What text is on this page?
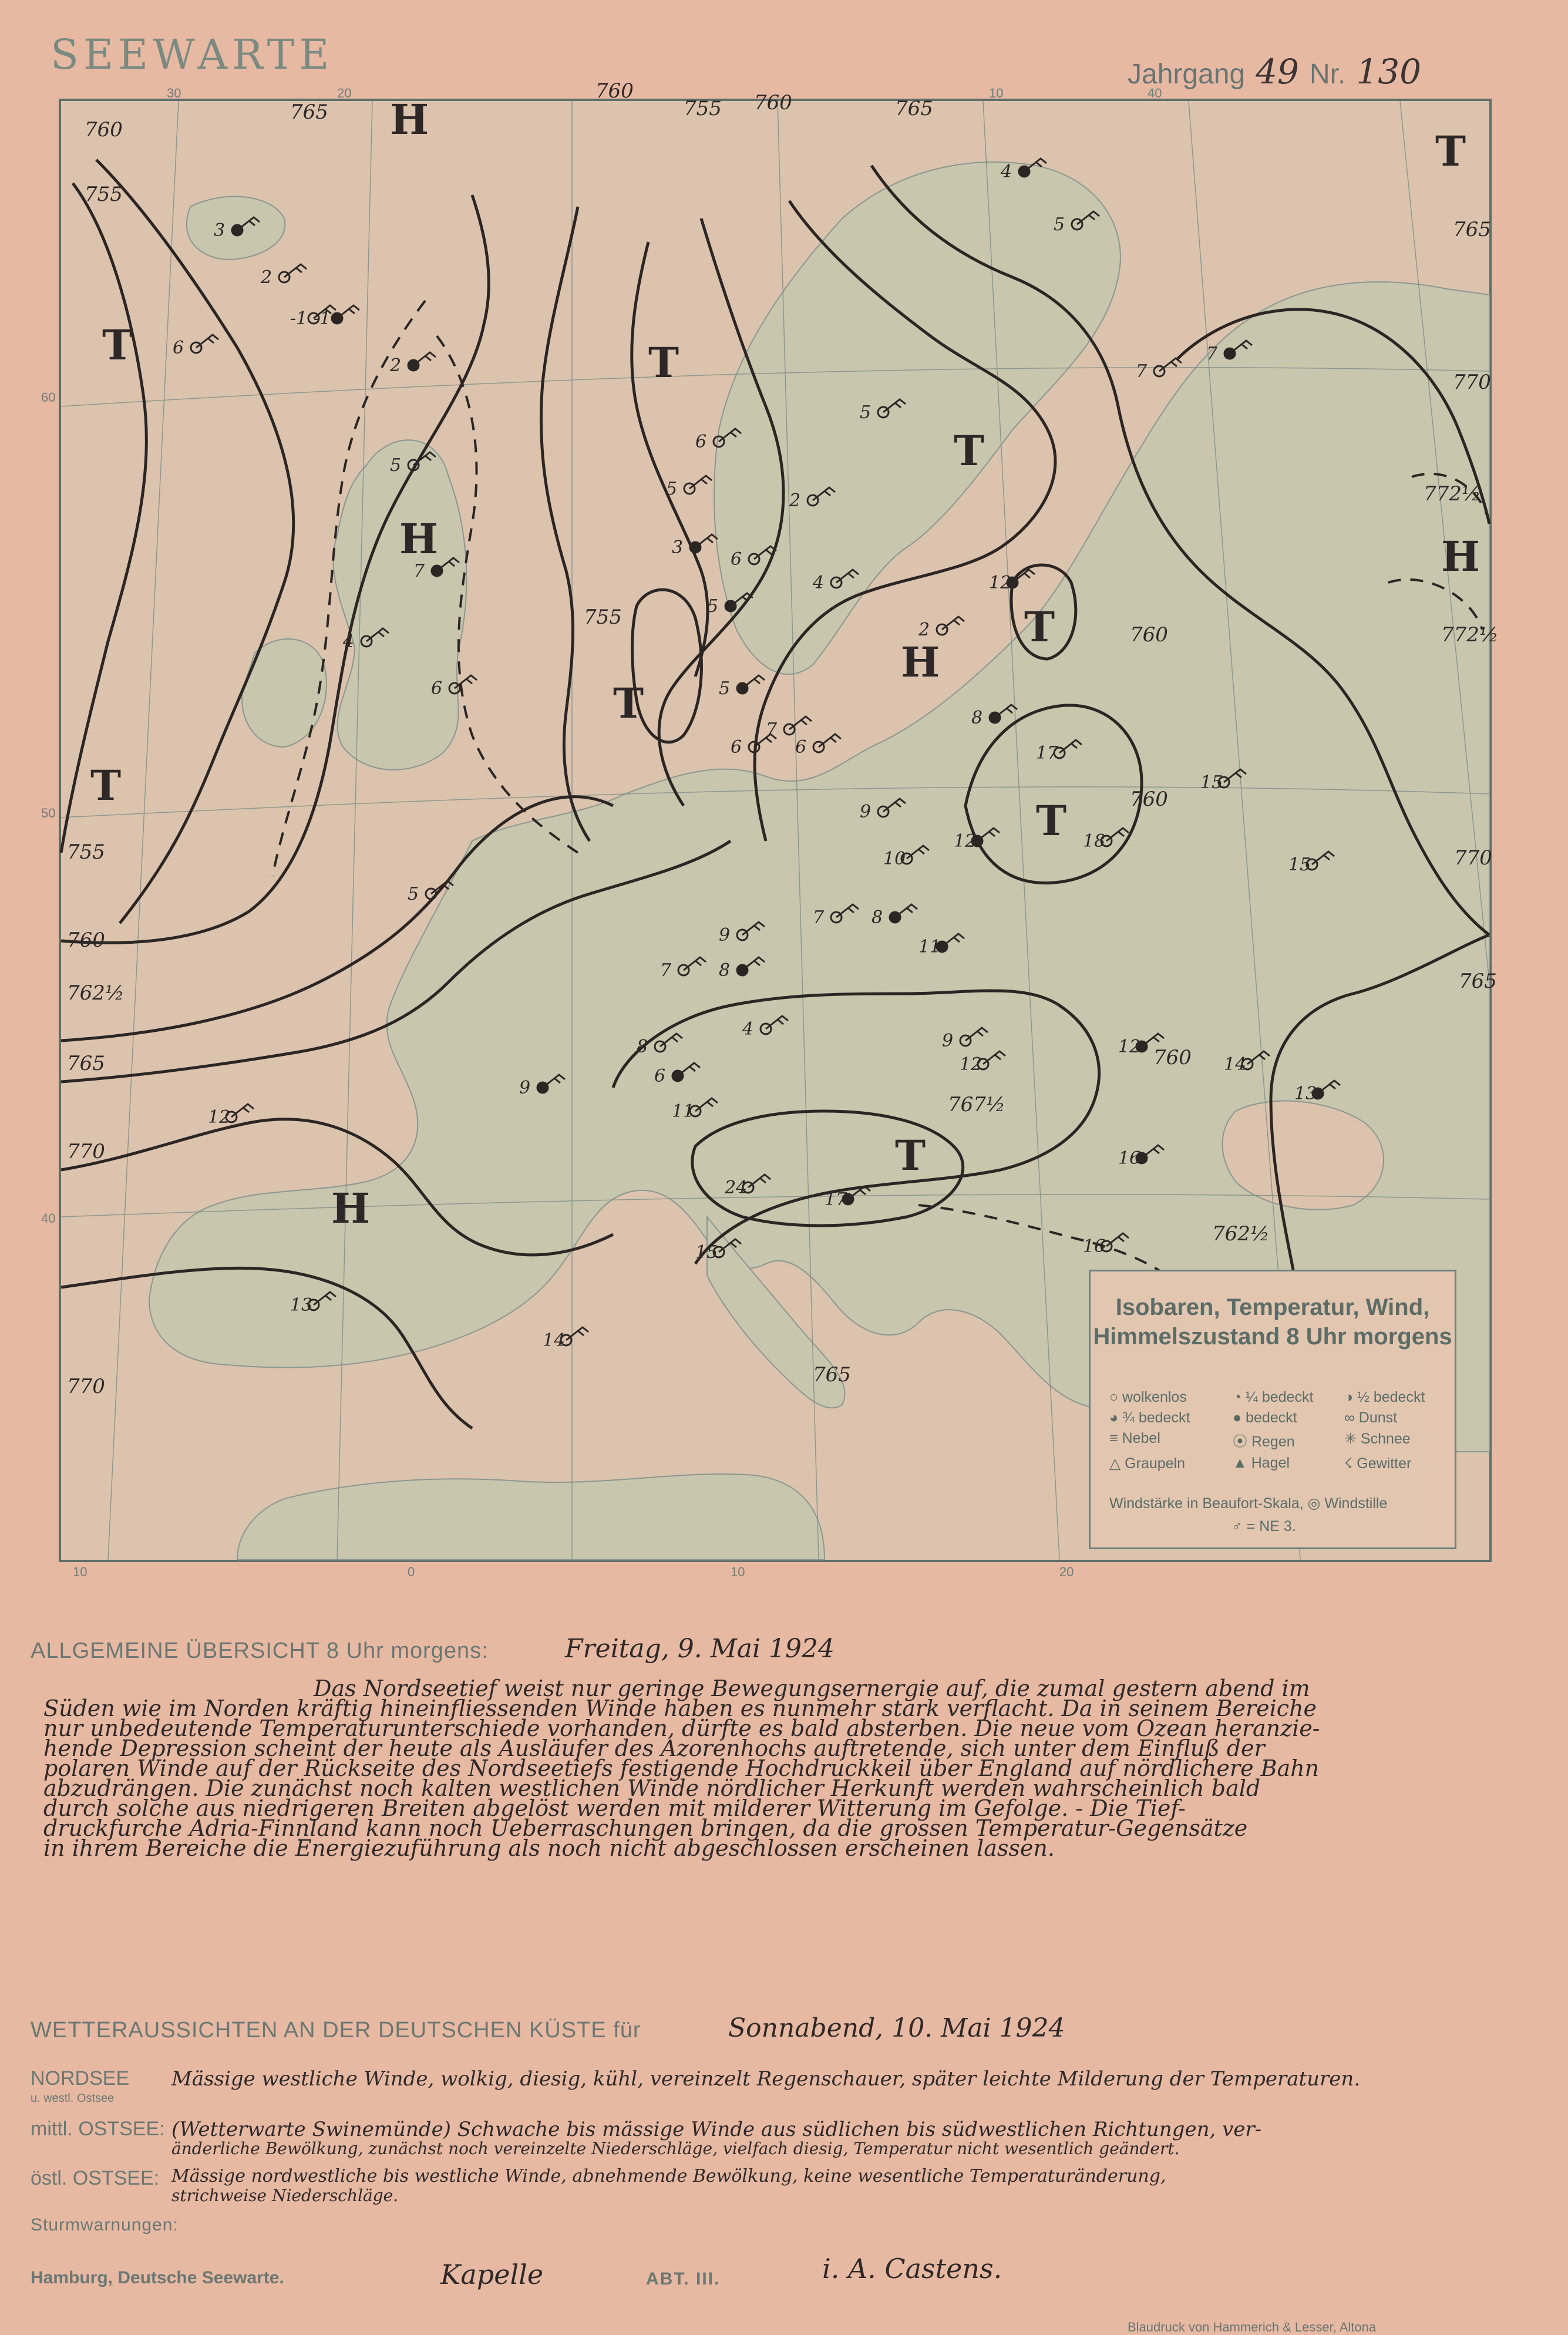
SEEWARTE	Jahrgang 49 Nr. 130
30	20	10	40
10	0	10	20
60
50
40
H
H
H
H
H
T	T
T
T
T
T
T
T
T
760
765
760
755 760	765
755
755
770
765
770
772½
772½
760
760
755
760
762½
765
770
770	765
762½
767½
760
765
3
2
6
-1
-1
5
2
4
2
4
5
7
7
6
5
3
2
6
5
5
4
5
6	6
12
7
15
8
17
18
12
10
9
8
7
9
11
12
9
8
7
4
6
11
16
17
24
15
12
13
14
16
14
15
13
12
8
9
5
6
7
Isobaren, Temperatur, Wind,
Himmelszustand 8 Uhr morgens
○ wolkenlos	◔ ¼ bedeckt	◑ ½ bedeckt
◕ ¾ bedeckt	● bedeckt	∞ Dunst
≡ Nebel	⦿ Regen	✳ Schnee
△ Graupeln	▲ Hagel	☇ Gewitter
Windstärke in Beaufort-Skala, ◎ Windstille
♂ = NE 3.
ALLGEMEINE ÜBERSICHT 8 Uhr morgens:	Freitag, 9. Mai 1924
Das Nordseetief weist nur geringe Bewegungsernergie auf, die zumal gestern abend im
Süden wie im Norden kräftig hineinfliessenden Winde haben es nunmehr stark verflacht. Da in seinem Bereiche
nur unbedeutende Temperaturunterschiede vorhanden, dürfte es bald absterben. Die neue vom Ozean heranzie-
hende Depression scheint der heute als Ausläufer des Azorenhochs auftretende, sich unter dem Einfluß der
polaren Winde auf der Rückseite des Nordseetiefs festigende Hochdruckkeil über England auf nördlichere Bahn
abzudrängen. Die zunächst noch kalten westlichen Winde nördlicher Herkunft werden wahrscheinlich bald
durch solche aus niedrigeren Breiten abgelöst werden mit milderer Witterung im Gefolge. - Die Tief-
druckfurche Adria-Finnland kann noch Ueberraschungen bringen, da die grossen Temperatur-Gegensätze
in ihrem Bereiche die Energiezuführung als noch nicht abgeschlossen erscheinen lassen.
WETTERAUSSICHTEN AN DER DEUTSCHEN KÜSTE für	Sonnabend, 10. Mai 1924
NORDSEE
u. westl. Ostsee
Mässige westliche Winde, wolkig, diesig, kühl, vereinzelt Regenschauer, später leichte Milderung der Temperaturen.
mittl. OSTSEE: (Wetterwarte Swinemünde) Schwache bis mässige Winde aus südlichen bis südwestlichen Richtungen, ver-
änderliche Bewölkung, zunächst noch vereinzelte Niederschläge, vielfach diesig, Temperatur nicht wesentlich geändert.
östl. OSTSEE: Mässige nordwestliche bis westliche Winde, abnehmende Bewölkung, keine wesentliche Temperaturänderung,
strichweise Niederschläge.
Sturmwarnungen:
Hamburg, Deutsche Seewarte.	Kapelle	ABT. III.	i. A. Castens.
Blaudruck von Hammerich & Lesser, Altona
